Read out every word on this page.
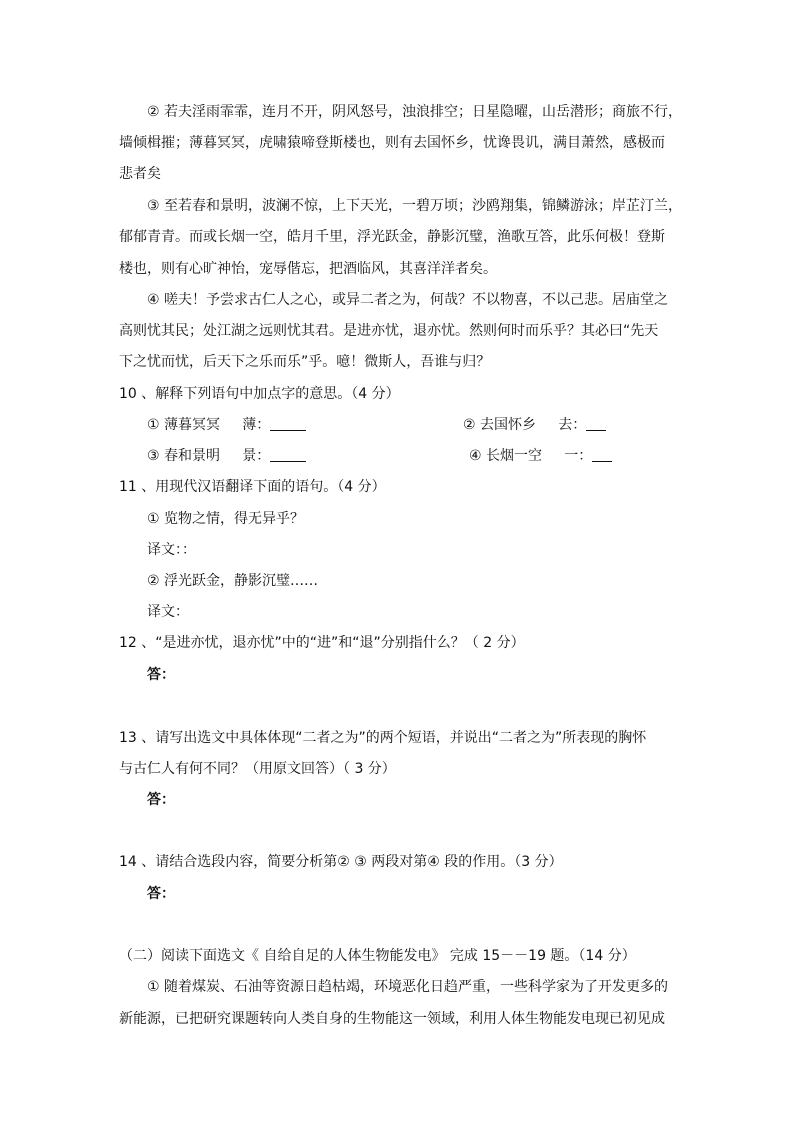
② 若夫淫雨霏霏，连月不开，阴风怒号，浊浪排空；日星隐曜，山岳潜形；商旅不行，
墙倾楫摧；薄暮冥冥，虎啸猿啼登斯楼也，则有去国怀乡，忧谗畏讥，满目萧然，感极而
悲者矣
③ 至若春和景明，波澜不惊，上下天光，一碧万顷；沙鸥翔集，锦鳞游泳；岸芷汀兰，
郁郁青青。而或长烟一空，皓月千里，浮光跃金，静影沉璧，渔歌互答，此乐何极！登斯
楼也，则有心旷神怡，宠辱偕忘，把酒临风，其喜洋洋者矣。
④ 嗟夫！予尝求古仁人之心，或异二者之为，何哉？不以物喜，不以己悲。居庙堂之
高则忧其民；处江湖之远则忧其君。是进亦忧，退亦忧。然则何时而乐乎？其必曰“先天
下之忧而忧，后天下之乐而乐”乎。噫！微斯人，吾谁与归？
10 、解释下列语句中加点字的意思。（4 分）
① 薄暮冥冥 薄：	② 去国怀乡 去：
③ 春和景明 景：	④ 长烟一空 一：
11 、用现代汉语翻译下面的语句。（4 分）
① 览物之情，得无异乎？
译文：：
② 浮光跃金，静影沉璧……
译文：
12 、“是进亦忧，退亦忧”中的“进”和“退”分别指什么？（ 2 分）
答：
13 、请写出选文中具体体现“二者之为”的两个短语，并说出“二者之为”所表现的胸怀
与古仁人有何不同？（用原文回答）（ 3 分）
答：
14 、请结合选段内容，简要分析第② ③ 两段对第④ 段的作用。（3 分）
答：
（二）阅读下面选文《 自给自足的人体生物能发电》 完成 15－－19 题。（14 分）
① 随着煤炭、石油等资源日趋枯竭，环境恶化日趋严重，一些科学家为了开发更多的
新能源，已把研究课题转向人类自身的生物能这一领域，利用人体生物能发电现已初见成
